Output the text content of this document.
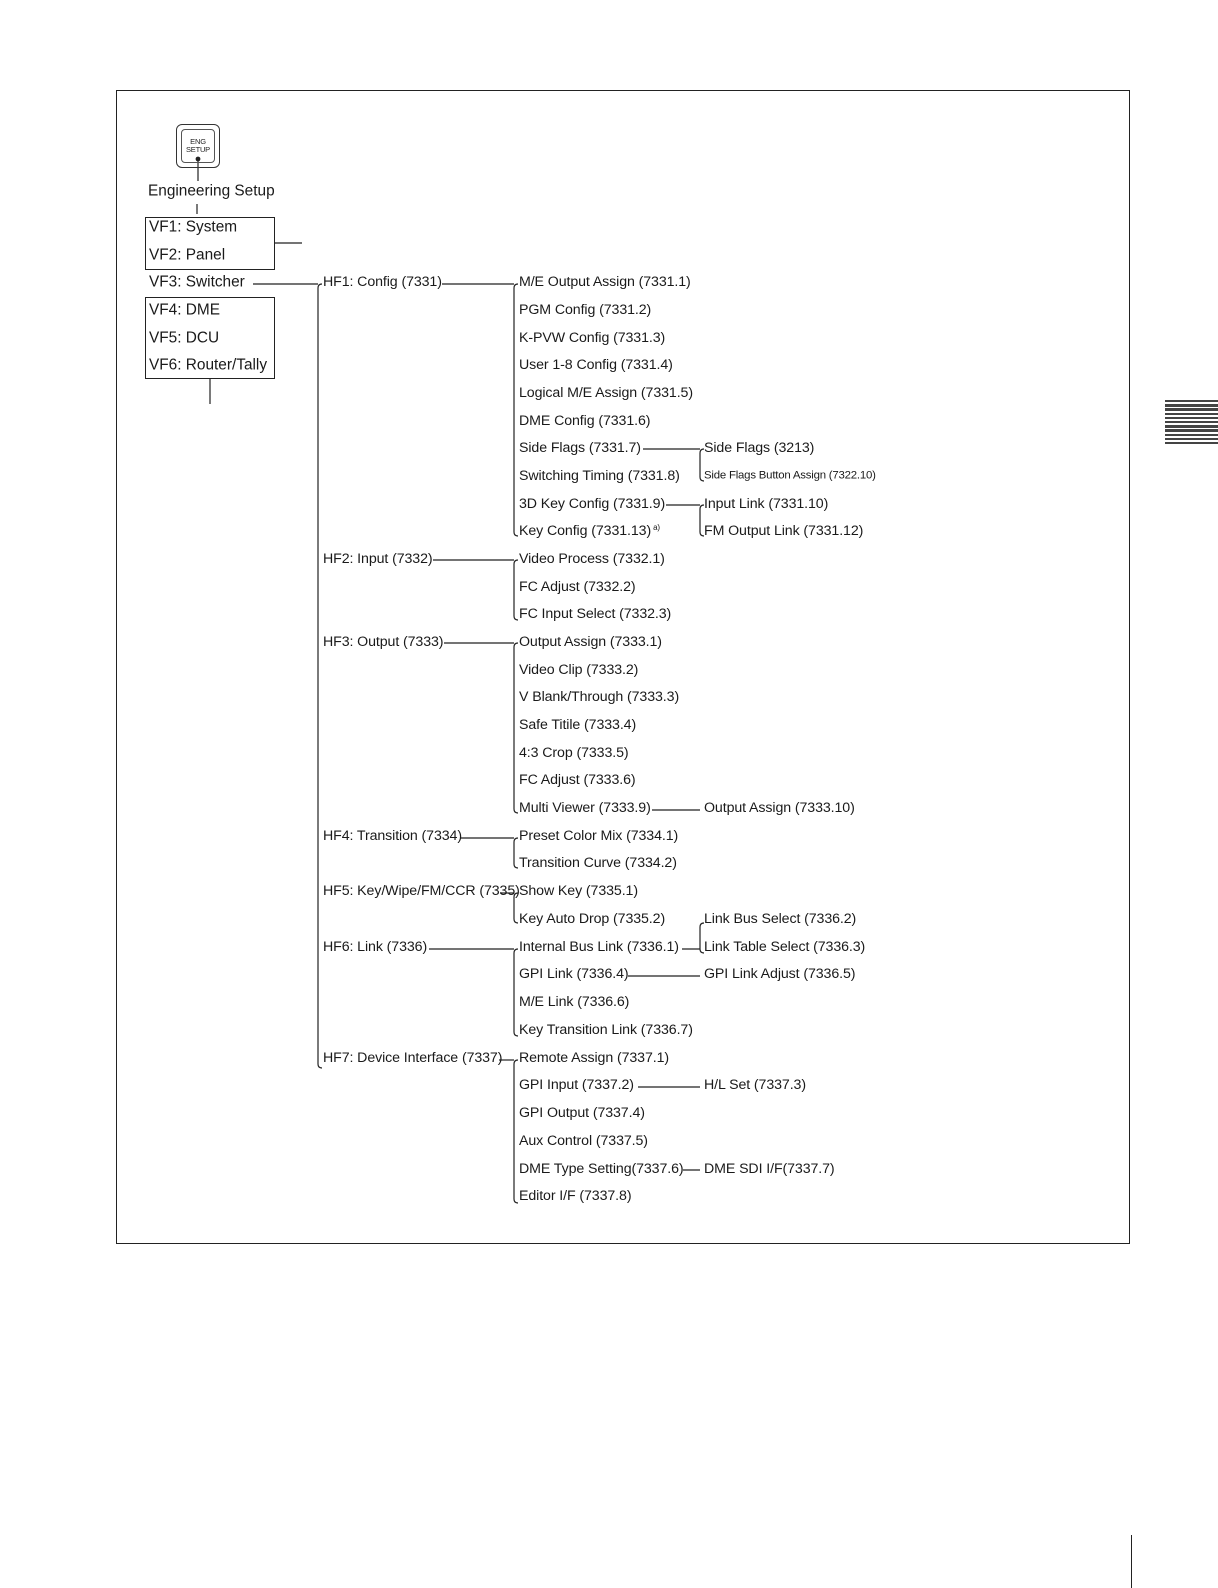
ENG
SETUP
Engineering Setup
VF1: System
VF2: Panel
VF3: Switcher
VF4: DME
VF5: DCU
VF6: Router/Tally
HF1: Config (7331)
HF2: Input (7332)
HF3: Output (7333)
HF4: Transition (7334)
HF5: Key/Wipe/FM/CCR (7335)
HF6: Link (7336)
HF7: Device Interface (7337)
M/E Output Assign (7331.1)
PGM Config (7331.2)
K-PVW Config (7331.3)
User 1-8 Config (7331.4)
Logical M/E Assign (7331.5)
DME Config (7331.6)
Side Flags (7331.7)
Switching Timing (7331.8)
3D Key Config (7331.9)
Key Config (7331.13) $^{a)}$
Side Flags (3213)
Side Flags Button Assign (7322.10)
Input Link (7331.10)
FM Output Link (7331.12)
Video Process (7332.1)
FC Adjust (7332.2)
FC Input Select (7332.3)
Output Assign (7333.1)
Video Clip (7333.2)
V Blank/Through (7333.3)
Safe Titile (7333.4)
4:3 Crop (7333.5)
FC Adjust (7333.6)
Multi Viewer (7333.9)	Output Assign (7333.10)
Preset Color Mix (7334.1)
Transition Curve (7334.2)
Show Key (7335.1)
Key Auto Drop (7335.2)
Internal Bus Link (7336.1)
GPI Link (7336.4)
M/E Link (7336.6)
Key Transition Link (7336.7)
Link Bus Select (7336.2)
Link Table Select (7336.3)
GPI Link Adjust (7336.5)
Remote Assign (7337.1)
GPI Input (7337.2)
GPI Output (7337.4)
Aux Control (7337.5)
DME Type Setting(7337.6)
Editor I/F (7337.8)
H/L Set (7337.3)
DME SDI I/F(7337.7)
